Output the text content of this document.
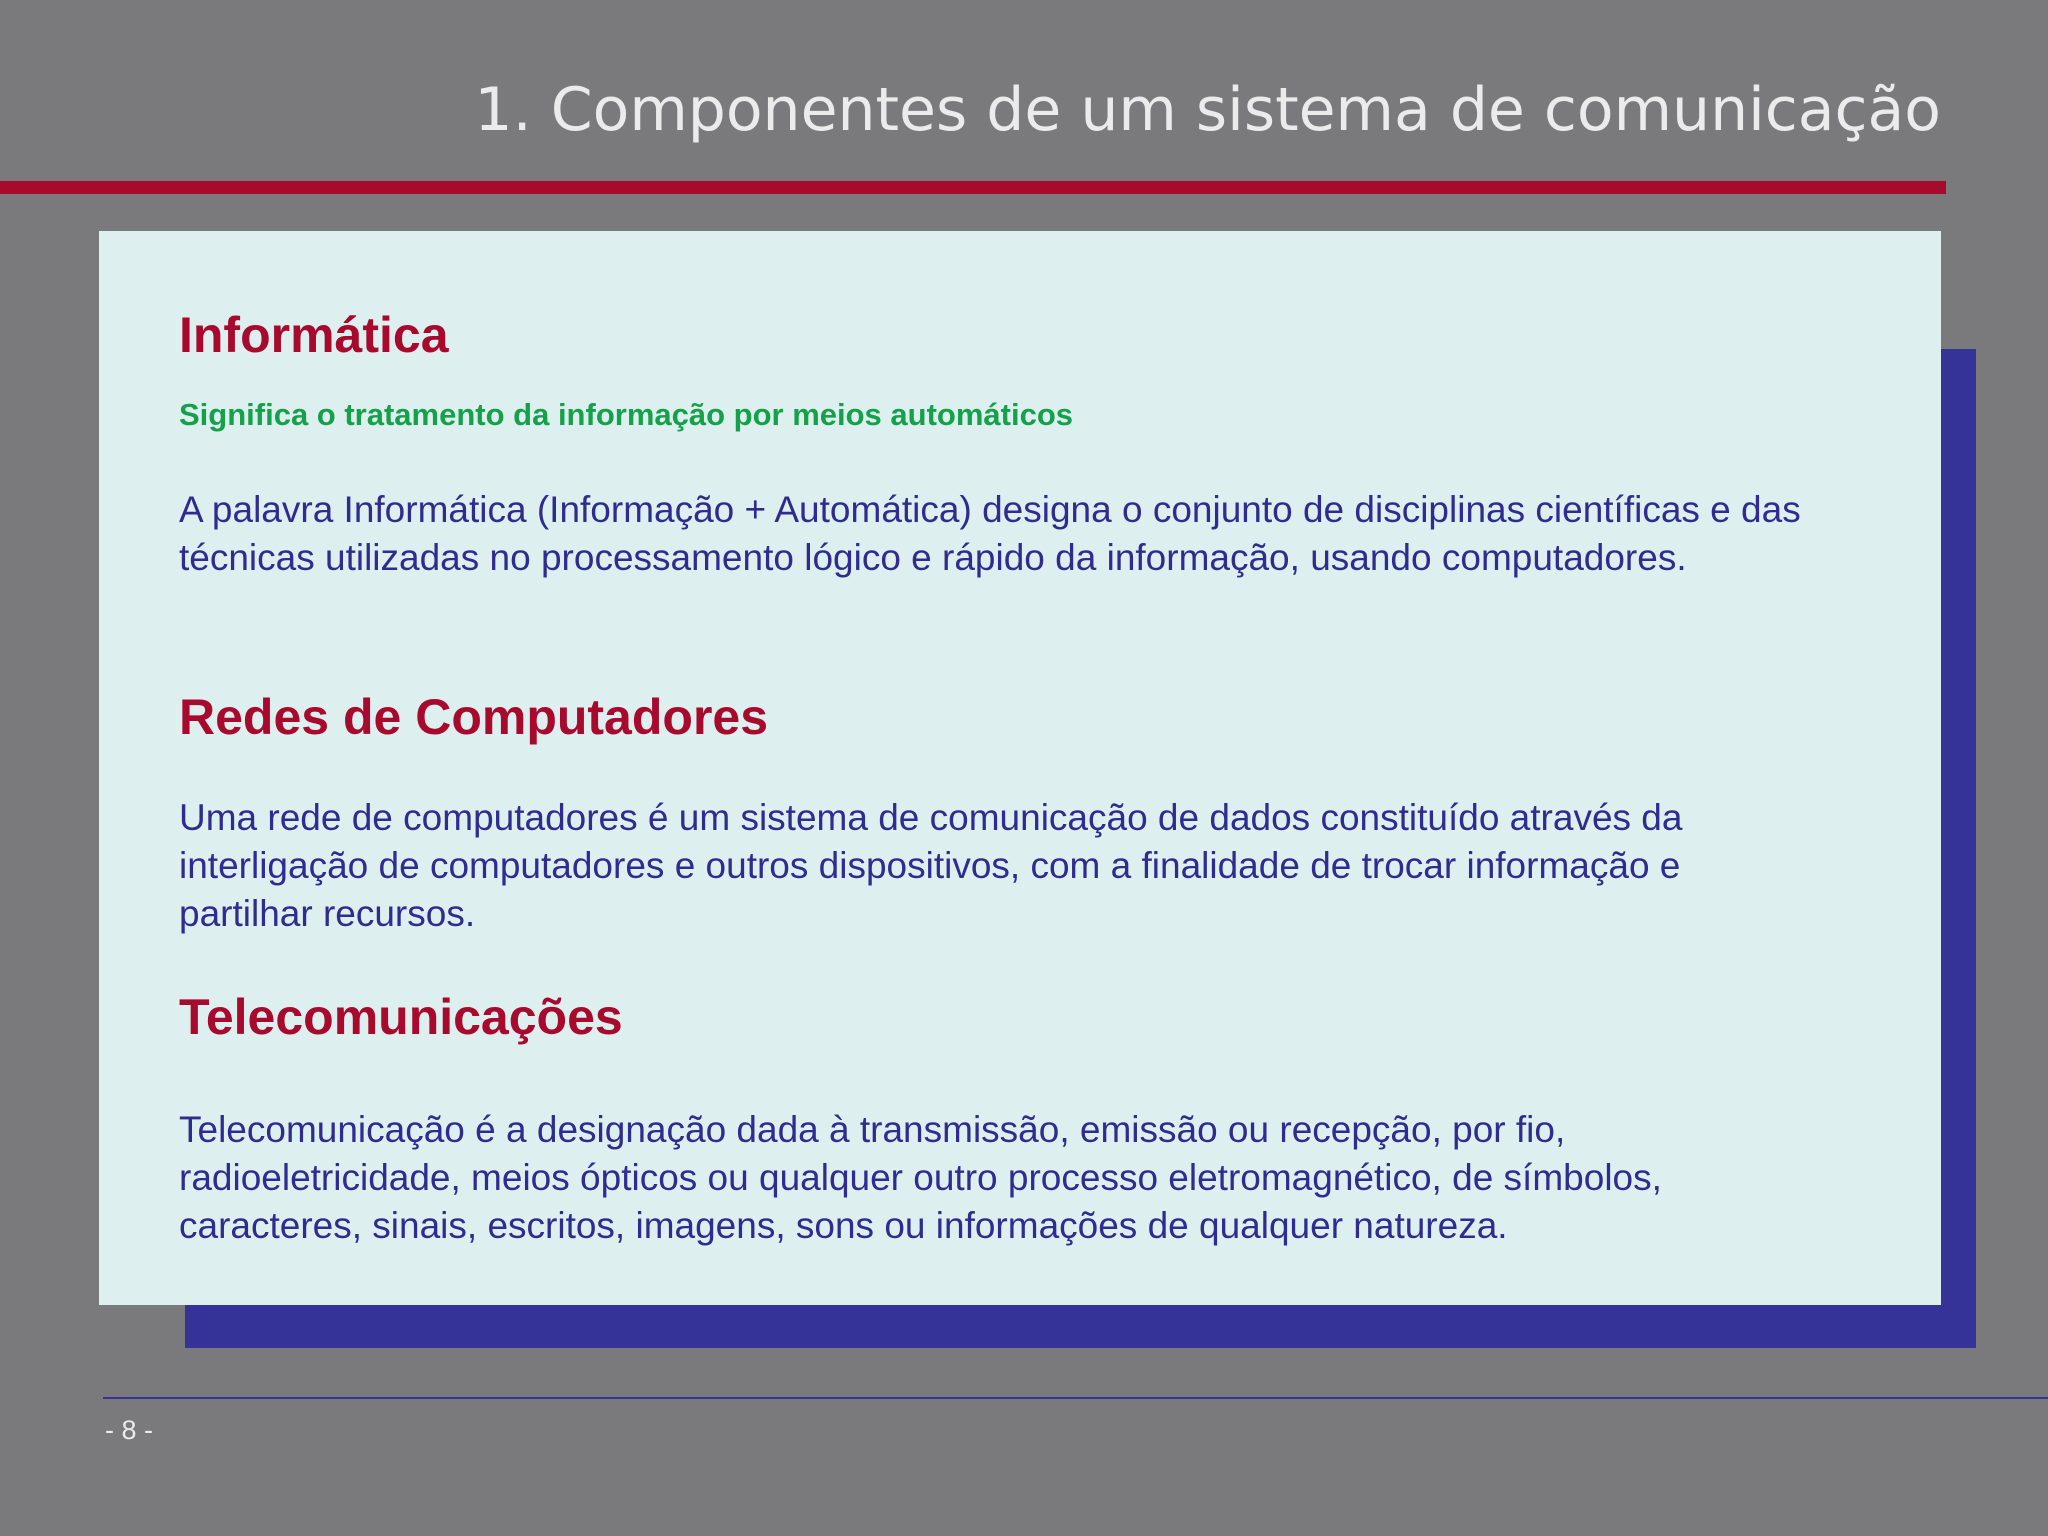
1. Componentes de um sistema de comunicação
Informática

Significa o tratamento da informação por meios automáticos

A palavra Informática (Informação + Automática) designa o conjunto de disciplinas científicas e das
técnicas utilizadas no processamento lógico e rápido da informação, usando computadores.
Redes de Computadores
Uma rede de computadores é um sistema de comunicação de dados constituído através da
interligação de computadores e outros dispositivos, com a finalidade de trocar informação e
partilhar recursos.
Telecomunicações
Telecomunicação é a designação dada à transmissão, emissão ou recepção, por fio,
radioeletricidade, meios ópticos ou qualquer outro processo eletromagnético, de símbolos,
caracteres, sinais, escritos, imagens, sons ou informações de qualquer natureza.

- 8 -
